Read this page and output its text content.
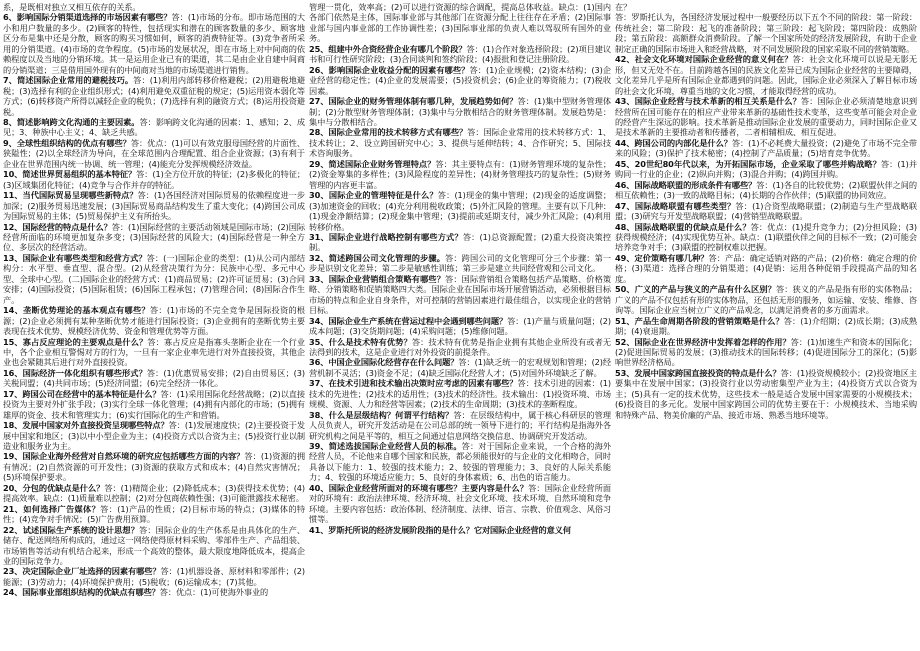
系，是既相对独立又相互依存的关系。

6、影响国际分销渠道选择的市场因素有哪些？答：(1)市场的分布。即市场范围的大小和用户数量的多少。(2)顾客的特性，包括现实和潜在的顾客数量的多少、顾客地区分布是集中还是分散，顾客的购买习惯如何，顾客的消费特征等。(3)竞争者所采用的分销渠道。(4)市场的竞争程度。(5)市场的发展状况，即在市场上对中间商的依赖程度以及当地的分销环境。其一是运用企业已有的渠道，其二是由企业自建中间商的分销渠道；三是借用国外现有的中间商对当地的市场渠道进行销售。

7、简述国际企业常用的避税技巧。答：(1)利用内部转移价格避税；(2)用避税地避税；(3)选择有利的企业组织形式；(4)利用避免双重征税的规定；(5)运用资本弱化等方式；(6)转移资产所得以减轻企业的税负；(7)选择有利的融资方式；(8)运用投资避税。

8、简述影响跨文化沟通的主要因素。答：影响跨文化沟通的因素：1、感知；2、成见；3、种族中心主义；4、缺乏共感。

9、全球性组织结构的优点有哪些？答：优点：(1)可以有效克服母国经营的片面性、狭隘性；(2)以全球经济为导向，在全球范围内合理配置、组合企业资源；(3)有利于企业在世界范围内统一协调、统一管理；(4)能充分发挥规模经济效益。

10、简述世界贸易组织的基本特征？答：(1)全方位开放的特征；(2)多极化的特征；(3)区域集团化特征；(4)竞争与合作并存的特征。

11、当代国际贸易呈现哪些新特点？答：(1)各国经济对国际贸易的依赖程度进一步加深；(2)服务贸易迅速发展；(3)国际贸易商品结构发生了重大变化；(4)跨国公司成为国际贸易的主体；(5)贸易保护主义有所抬头。

12、国际经营的特点是什么？答：(1)国际经营的主要活动领域是国际市场；(2)国际经营所面临的环境更加复杂多变；(3)国际经营的风险大；(4)国际经营是一种全方位、多层次的经营活动。

13、国际企业有哪些类型和经营方式？答：(一)国际企业的类型：(1)从公司内部结构分：水平型、垂直型、混合型。(2)从经营决策行为分：民族中心型、多元中心型、全球中心型。(二)国际企业的经营方式：(1)商品贸易；(2)许可证贸易；(3)合同安排；(4)国际投资；(5)国际租赁；(6)国际工程承包；(7)管理合同；(8)国际合作生产。

14、垄断优势理论的基本观点有哪些？答：(1)市场的不完全竞争是国际投资的根源；(2)企业必须拥有某种垄断优势才能进行国际投资；(3)企业拥有的垄断优势主要表现在技术优势、规模经济优势、资金和管理优势等方面。

15、寡占反应理论的主要观点是什么？答：寡占反应是指寡头垄断企业在一个行业中，各个企业相互警惕对方的行为，一旦有一家企业率先进行对外直接投资，其他企业也会紧随其后进行对外直接投资。

16、国际经济一体化组织有哪些形式？答：(1)优惠贸易安排；(2)自由贸易区；(3)关税同盟；(4)共同市场；(5)经济同盟；(6)完全经济一体化。

17、跨国公司在经营中的基本特征是什么？答：(1)采用国际化经营战略；(2)以直接投资为主要对外扩张手段；(3)实行全球一体化管理；(4)拥有内部化的市场；(5)拥有雄厚的资金、技术和管理实力；(6)实行国际化的生产和营销。

18、发展中国家对外直接投资呈现哪些特点？答：(1)发展速度快；(2)主要投资于发展中国家和地区；(3)以中小型企业为主；(4)投资方式以合资为主；(5)投资行业以制造业和服务业为主。

19、国际企业海外经营对自然环境的研究应包括哪些方面的内容？答：(1)资源的拥有情况；(2)自然资源的可开发性；(3)资源的获取方式和成本；(4)自然灾害情况；(5)环境保护要求。

20、分包的优缺点是什么？答：(1)精简企业；(2)降低成本；(3)获得技术优势；(4)提高效率。缺点：(1)质量难以控制；(2)对分包商依赖性强；(3)可能泄露技术秘密。

21、如何选择广告媒体？答：(1)产品的性质；(2)目标市场的特点；(3)媒体的特性；(4)竞争对手情况；(5)广告费用预算。

22、试述国际生产系统的设计思想？答：国际企业的生产体系是由具体化的生产、储存、配送网络所构成的，通过这一网络使得原材料采购、零部件生产、产品组装、市场销售等活动有机结合起来，形成一个高效的整体，最大限度地降低成本，提高企业的国际竞争力。

23、决定国际企业厂址选择的因素有哪些？答：(1)机器设备、原材料和零部件；(2)能源；(3)劳动力；(4)环境保护费用；(5)税收；(6)运输成本；(7)其他。

24、国际事业部组织结构的优缺点有哪些？答：优点：(1)可使海外事业的

管理一贯化，效率高；(2)可以进行资源的综合调配，提高总体收益。缺点：(1)国内各部门依然是主体，国际事业部与其他部门在资源分配上往往存在矛盾；(2)国际事业部与国内事业部的工作协调性差；(3)国际事业部的负责人难以驾驭所有国外的业务。

25、组建中外合资经营企业有哪几个阶段？答：(1)合作对象选择阶段；(2)项目建议书和可行性研究阶段；(3)合同谈判和签约阶段；(4)报批和登记注册阶段。

26、影响国际企业收益分配的因素有哪些？答：(1)企业规模；(2)资本结构；(3)企业经营的稳定性；(4)企业的发展需要；(5)投资机会；(6)企业的筹资能力；(7)税收因素。

27、国际企业的财务管理体制有哪几种，发展趋势如何？答：(1)集中型财务管理体制；(2)分散型财务管理体制；(3)集中与分散相结合的财务管理体制。发展趋势是：集中与分散相结合。

28、国际企业常用的技术转移方式有哪些？答：国际企业常用的技术转移方式：1、技术转让；2、设立跨国研究中心；3、提供与延伸结转；4、合作研究；5、国际技术咨询服务。

29、简述国际企业财务管理特点？答：其主要特点有：(1)财务管理环境的复杂性；(2)资金筹集的多样性；(3)风险程度的差异性；(4)财务管理技巧的复杂性；(5)财务管理的内容更丰富。

30、国际企业的管理特征是什么？答：(1)现金的集中管理；(2)现金的适度调整；(3)加速资金的回收；(4)充分利用税收政策；(5)外汇风险的管理。主要有以下几种：(1)现金净额结算；(2)现金集中管理；(3)提前或延期支付，减少外汇风险；(4)利用转移价格。

31、国际企业进行战略控制有哪些方式？答：(1)总资源配置；(2)重大投资决策控制。

32、简述跨国公司文化管理的步骤。答：跨国公司的文化管理可分三个步骤：第一步是识别文化差异；第二步是敏感性训练；第三步是建立共同经营观和公司文化。

33、国际企业营销组合策略有哪些？答：国际营销组合策略包括产品策略、价格策略、分销策略和促销策略四大类。国际企业在国际市场开展营销活动，必须根据目标市场的特点和企业自身条件，对可控制的营销因素进行最佳组合，以实现企业的营销目标。

34、国际企业生产系统在营运过程中会遇到哪些问题？答：(1)产量与质量问题；(2)成本问题；(3)交货期问题；(4)采购问题；(5)维修问题。

35、什么是技术特有优势？答：技术特有优势是指企业拥有其他企业所没有或者无法得到的技术，这是企业进行对外投资的前提条件。

36、中国企业国际化经营存在什么问题？答：(1)缺乏统一的宏观规划和管理；(2)经营机制不灵活；(3)资金不足；(4)缺乏国际化经营人才；(5)对国外环境缺乏了解。

37、在技术引进和技术输出决策时应考虑的因素有哪些？答：技术引进的因素：(1)技术的先进性；(2)技术的适用性；(3)技术的经济性。技术输出：(1)投资环境、市场规模、资源、人力和经营等因素；(2)技术的生命周期；(3)技术的垄断程度。

38、什么是层级结构？何谓平行结构？答：在层级结构中，属于核心科研层的管理人员负责人，研究开发活动是在公司总部的统一领导下进行的；平行结构是指海外各研究机构之间是平等的，相互之间通过信息网络交换信息、协调研究开发活动。

39、简述选拔国际企业经营人员的标准。答：对于国际企业来说，一个合格的海外经营人员，不论他来自哪个国家和民族，都必须能很好的与企业的文化相吻合，同时具备以下能力：1、较强的技术能力；2、较强的管理能力；3、良好的人际关系能力；4、较强的环境适应能力；5、良好的身体素质；6、出色的语言能力。

40、国际企业经营所面对的环境有哪些？主要内容是什么？答：国际企业经营所面对的环境有：政治法律环境、经济环境、社会文化环境、技术环境、自然环境和竞争环境。主要内容包括：政治体制、经济制度、法律、语言、宗教、价值观念、风俗习惯等。

41、罗斯托所说的经济发展阶段指的是什么？它对国际企业经营的意义何

在？

答：罗斯托认为，各国经济发展过程中一般要经历以下五个不同的阶段：第一阶段：传统社会；第二阶段：起飞的准备阶段；第三阶段：起飞阶段；第四阶段：成熟阶段；第五阶段：高额群众消费阶段。了解一个国家所处的经济发展阶段，有助于企业制定正确的国际市场进入和经营战略，对不同发展阶段的国家采取不同的营销策略。

42、社会文化环境对国际企业经营的意义何在？答：社会文化环境可以说是无影无形，但又无处不在。目前跨越各国的民族文化差异已成为国际企业经营的主要障碍，文化差异几乎是所有国际企业都遇到的问题。因此，国际企业必须深入了解目标市场的社会文化环境，尊重当地的文化习惯，才能取得经营的成功。

43、国际企业经营与技术革新的相互关系是什么？答：国际企业必须清楚地意识到经营所在国可能存在的相应产业带来革新的基础性技术变革，这些变革可能会对企业的经营产生深远的影响。技术革新是推动国际企业发展的重要动力，同时国际企业又是技术革新的主要推动者和传播者，二者相辅相成、相互促进。

44、跨国公司的内部化是什么？答：(1)不必耗费大量投资；(2)避免了市场不完全带来的风险；(3)保护了技术秘密；(4)控制了产品质量；(5)培育竞争优势。

45、20世纪80年代以来，为开拓国际市场，企业采取了哪些并购战略？答：(1)并购同一行业的企业；(2)纵向并购；(3)混合并购；(4)跨国并购。

46、国际战略联盟的形成条件有哪些？答：(1)各自的比较优势；(2)联盟伙伴之间的相互依赖性；(3)一致的战略目标；(4)长期的合作伙伴；(5)联盟的协同效应。

47、国际战略联盟有哪些类型？答：(1)合资型战略联盟；(2)制造与生产型战略联盟；(3)研究与开发型战略联盟；(4)营销型战略联盟。

48、国际战略联盟的优缺点是什么？答：优点：(1)提升竞争力；(2)分担风险；(3)获得规模经济；(4)实现优势互补。缺点：(1)联盟伙伴之间的目标不一致；(2)可能会培养竞争对手；(3)联盟的控制权难以把握。

49、定价策略有哪几种？答：产品：确定适销对路的产品；(2)价格：确定合理的价格；(3)渠道：选择合理的分销渠道；(4)促销：运用各种促销手段提高产品的知名度。

50、广义的产品与狭义的产品有什么区别？答：狭义的产品是指有形的实体物品；广义的产品不仅包括有形的实体物品，还包括无形的服务，如运输、安装、维修、咨询等。国际企业应当树立广义的产品观念，以满足消费者的多方面需求。

51、产品生命周期各阶段的营销策略是什么？答：(1)介绍期；(2)成长期；(3)成熟期；(4)衰退期。

52、国际企业在世界经济中发挥着怎样的作用？答：(1)加速生产和资本的国际化；(2)促进国际贸易的发展；(3)推动技术的国际转移；(4)促进国际分工的深化；(5)影响世界经济格局。

53、发展中国家跨国直接投资的特点是什么？答：(1)投资规模较小；(2)投资地区主要集中在发展中国家；(3)投资行业以劳动密集型产业为主；(4)投资方式以合资为主；(5)具有一定的技术优势，这些技术一般是适合发展中国家需要的小规模技术；(6)投资目的多元化。发展中国家跨国公司的优势主要在于：小规模技术、当地采购和特殊产品、物美价廉的产品、接近市场、熟悉当地环境等。
